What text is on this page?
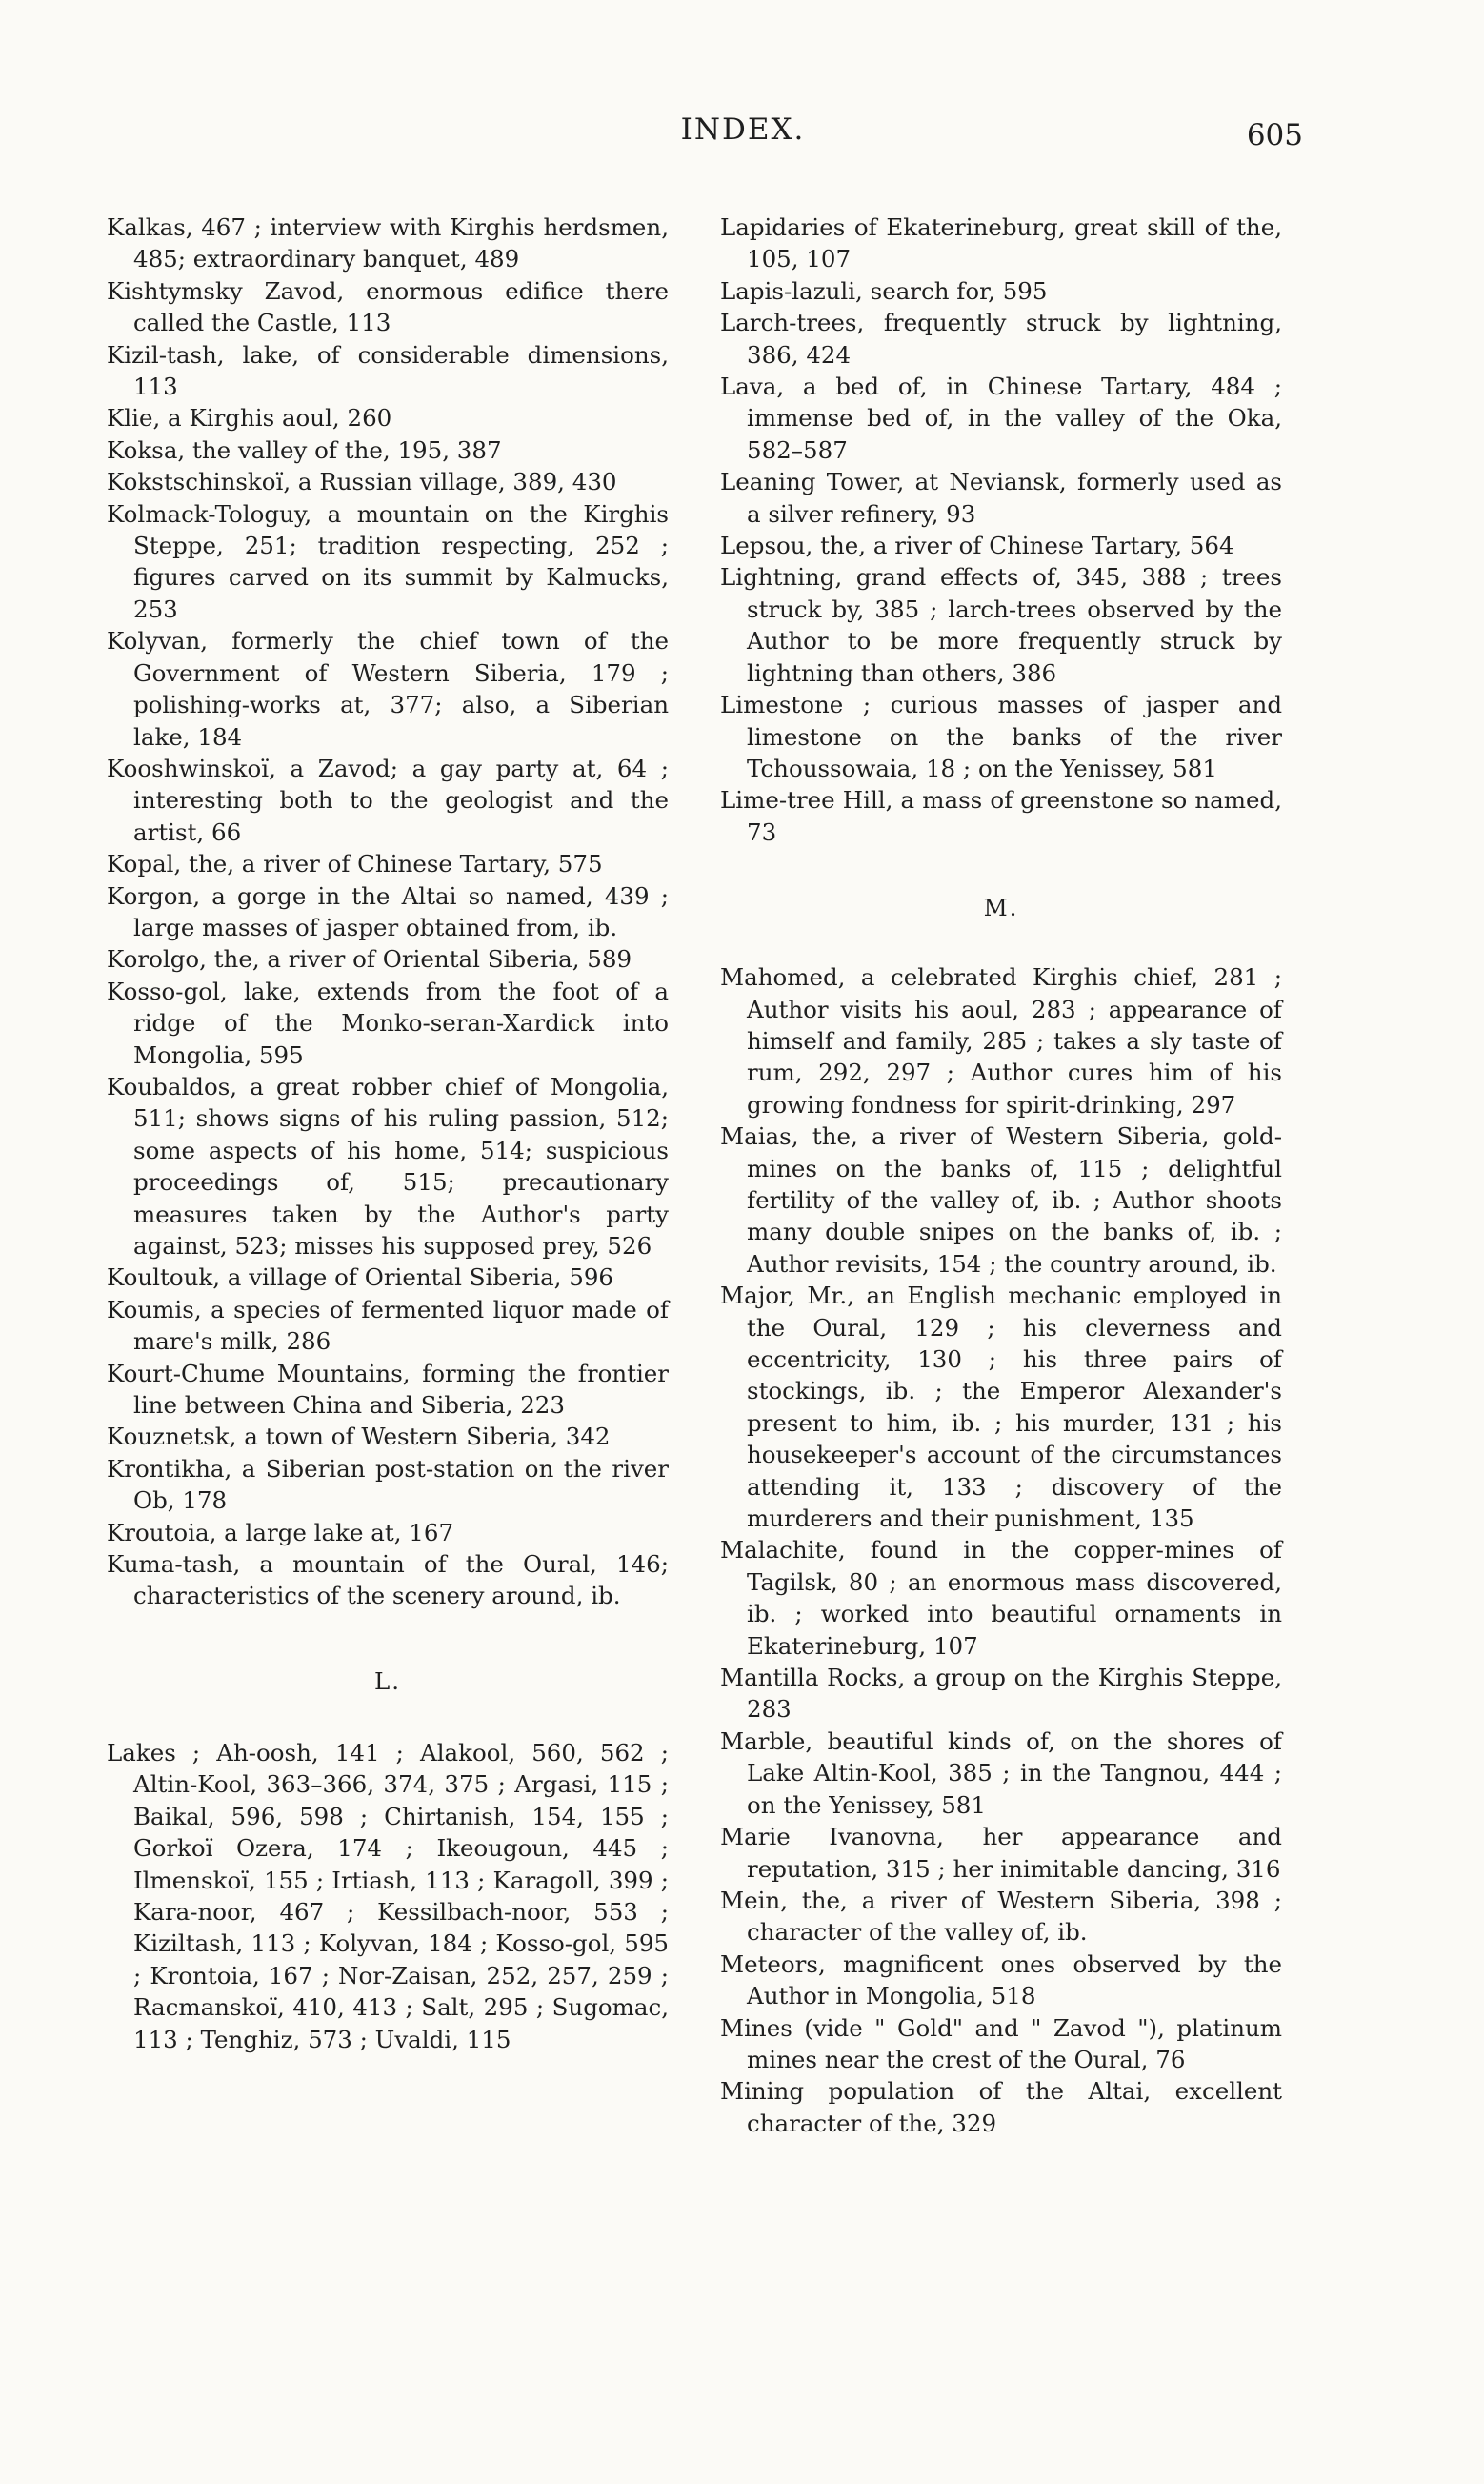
INDEX.	605

Kalkas, 467 ; interview with Kirghis herdsmen, 485; extraordinary banquet, 489

Kishtymsky Zavod, enormous edifice there called the Castle, 113

Kizil-tash, lake, of considerable dimensions, 113

Klie, a Kirghis aoul, 260

Koksa, the valley of the, 195, 387

Kokstschinskoï, a Russian village, 389, 430

Kolmack-Tologuy, a mountain on the Kirghis Steppe, 251; tradition respecting, 252 ; figures carved on its summit by Kalmucks, 253

Kolyvan, formerly the chief town of the Government of Western Siberia, 179 ; polishing-works at, 377; also, a Siberian lake, 184

Kooshwinskoï, a Zavod; a gay party at, 64 ; interesting both to the geologist and the artist, 66

Kopal, the, a river of Chinese Tartary, 575

Korgon, a gorge in the Altai so named, 439 ; large masses of jasper obtained from, ib.

Korolgo, the, a river of Oriental Siberia, 589

Kosso-gol, lake, extends from the foot of a ridge of the Monko-seran-Xardick into Mongolia, 595

Koubaldos, a great robber chief of Mongolia, 511; shows signs of his ruling passion, 512; some aspects of his home, 514; suspicious proceedings of, 515; precautionary measures taken by the Author's party against, 523; misses his supposed prey, 526

Koultouk, a village of Oriental Siberia, 596

Koumis, a species of fermented liquor made of mare's milk, 286

Kourt-Chume Mountains, forming the frontier line between China and Siberia, 223

Kouznetsk, a town of Western Siberia, 342

Krontikha, a Siberian post-station on the river Ob, 178

Kroutoia, a large lake at, 167

Kuma-tash, a mountain of the Oural, 146; characteristics of the scenery around, ib.

L.

Lakes ; Ah-oosh, 141 ; Alakool, 560, 562 ; Altin-Kool, 363–366, 374, 375 ; Argasi, 115 ; Baikal, 596, 598 ; Chirtanish, 154, 155 ; Gorkoï Ozera, 174 ; Ikeougoun, 445 ; Ilmenskoï, 155 ; Irtiash, 113 ; Karagoll, 399 ; Kara-noor, 467 ; Kessilbach-noor, 553 ; Kiziltash, 113 ; Kolyvan, 184 ; Kosso-gol, 595 ; Krontoia, 167 ; Nor-Zaisan, 252, 257, 259 ; Racmanskoï, 410, 413 ; Salt, 295 ; Sugomac, 113 ; Tenghiz, 573 ; Uvaldi, 115

Lapidaries of Ekaterineburg, great skill of the, 105, 107

Lapis-lazuli, search for, 595

Larch-trees, frequently struck by lightning, 386, 424

Lava, a bed of, in Chinese Tartary, 484 ; immense bed of, in the valley of the Oka, 582–587

Leaning Tower, at Neviansk, formerly used as a silver refinery, 93

Lepsou, the, a river of Chinese Tartary, 564

Lightning, grand effects of, 345, 388 ; trees struck by, 385 ; larch-trees observed by the Author to be more frequently struck by lightning than others, 386

Limestone ; curious masses of jasper and limestone on the banks of the river Tchoussowaia, 18 ; on the Yenissey, 581

Lime-tree Hill, a mass of greenstone so named, 73

M.

Mahomed, a celebrated Kirghis chief, 281 ; Author visits his aoul, 283 ; appearance of himself and family, 285 ; takes a sly taste of rum, 292, 297 ; Author cures him of his growing fondness for spirit-drinking, 297

Maias, the, a river of Western Siberia, gold-mines on the banks of, 115 ; delightful fertility of the valley of, ib. ; Author shoots many double snipes on the banks of, ib. ; Author revisits, 154 ; the country around, ib.

Major, Mr., an English mechanic employed in the Oural, 129 ; his cleverness and eccentricity, 130 ; his three pairs of stockings, ib. ; the Emperor Alexander's present to him, ib. ; his murder, 131 ; his housekeeper's account of the circumstances attending it, 133 ; discovery of the murderers and their punishment, 135

Malachite, found in the copper-mines of Tagilsk, 80 ; an enormous mass discovered, ib. ; worked into beautiful ornaments in Ekaterineburg, 107

Mantilla Rocks, a group on the Kirghis Steppe, 283

Marble, beautiful kinds of, on the shores of Lake Altin-Kool, 385 ; in the Tangnou, 444 ; on the Yenissey, 581

Marie Ivanovna, her appearance and reputation, 315 ; her inimitable dancing, 316

Mein, the, a river of Western Siberia, 398 ; character of the valley of, ib.

Meteors, magnificent ones observed by the Author in Mongolia, 518

Mines (vide " Gold" and " Zavod "), platinum mines near the crest of the Oural, 76

Mining population of the Altai, excellent character of the, 329
